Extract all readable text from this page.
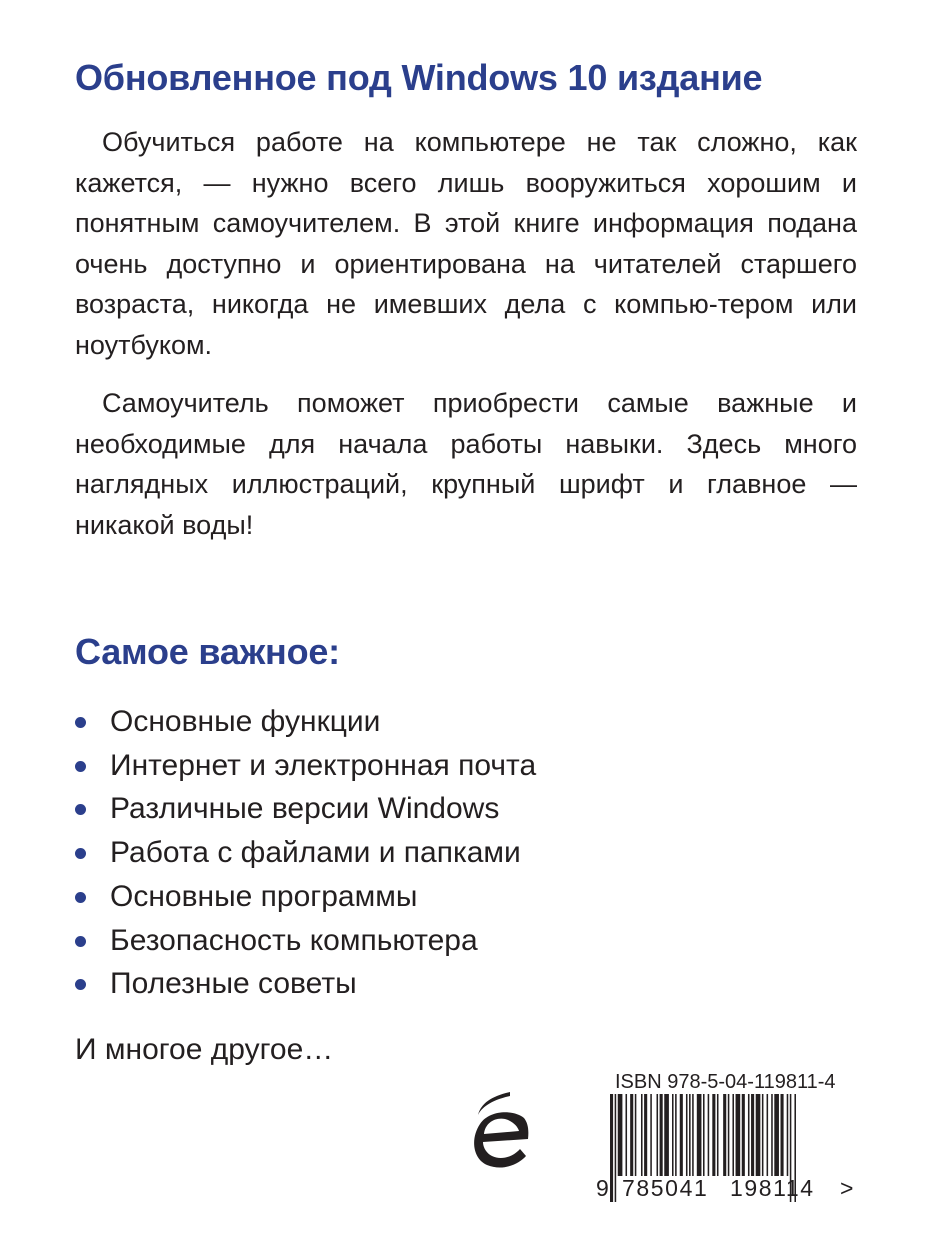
Обновленное под Windows 10 издание

Обучиться работе на компьютере не так сложно, как кажется, — нужно всего лишь вооружиться хорошим и понятным самоучителем. В этой книге информация подана очень доступно и ориентирована на читателей старшего возраста, никогда не имевших дела с компью-тером или ноутбуком.

Самоучитель поможет приобрести самые важные и необходимые для начала работы навыки. Здесь много наглядных иллюстраций, крупный шрифт и главное — никакой воды!

Самое важное:
Основные функции
Интернет и электронная почта
Различные версии Windows
Работа с файлами и папками
Основные программы
Безопасность компьютера
Полезные советы

И многое другое…

ISBN 978-5-04-119811-4

9 785041 198114 >
